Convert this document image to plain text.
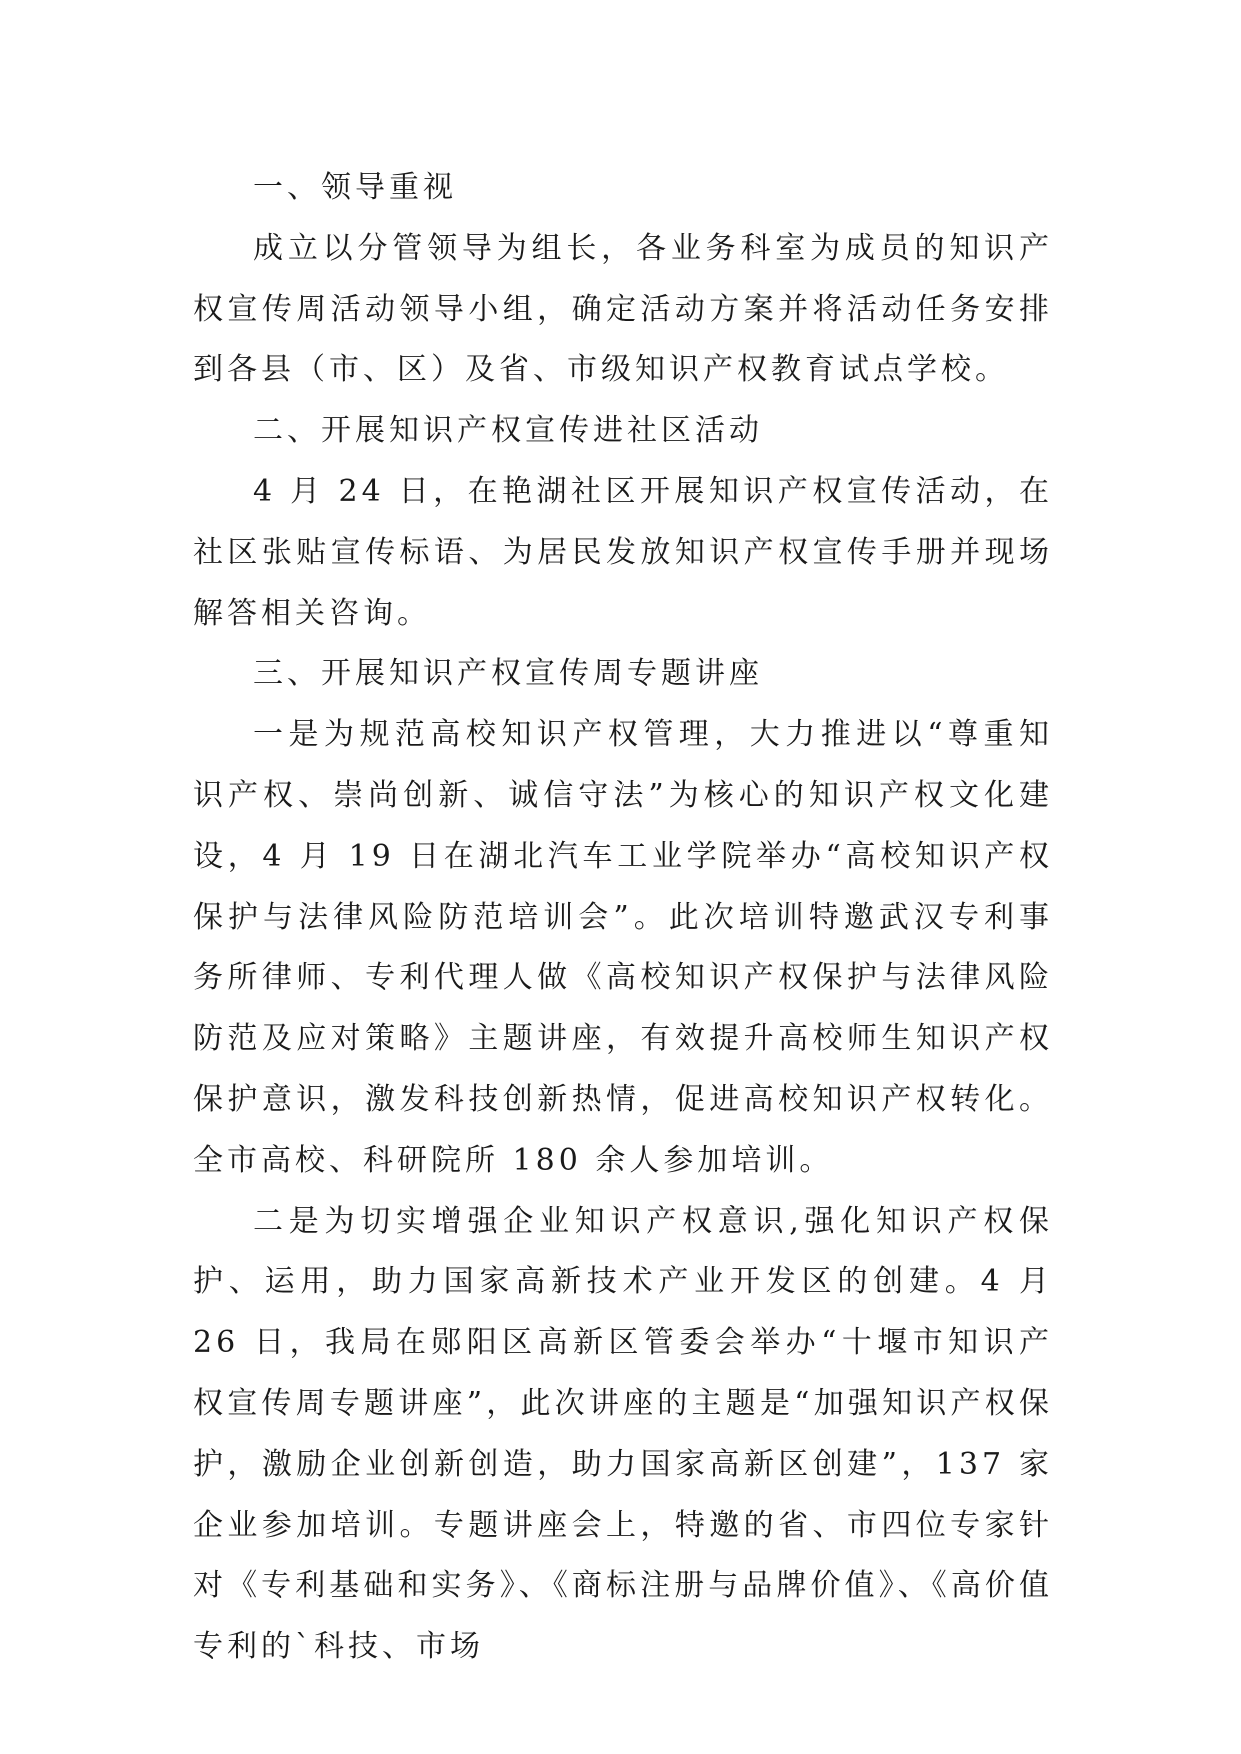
一、领导重视

成立以分管领导为组长，各业务科室为成员的知识产权宣传周活动领导小组，确定活动方案并将活动任务安排到各县（市、区）及省、市级知识产权教育试点学校。

二、开展知识产权宣传进社区活动

4 月 24 日，在艳湖社区开展知识产权宣传活动，在社区张贴宣传标语、为居民发放知识产权宣传手册并现场解答相关咨询。

三、开展知识产权宣传周专题讲座

一是为规范高校知识产权管理，大力推进以“尊重知识产权、崇尚创新、诚信守法”为核心的知识产权文化建设，4 月 19 日在湖北汽车工业学院举办“高校知识产权保护与法律风险防范培训会”。此次培训特邀武汉专利事务所律师、专利代理人做《高校知识产权保护与法律风险防范及应对策略》主题讲座，有效提升高校师生知识产权保护意识，激发科技创新热情，促进高校知识产权转化。全市高校、科研院所 180 余人参加培训。

二是为切实增强企业知识产权意识,强化知识产权保护、运用，助力国家高新技术产业开发区的创建。4 月 26 日，我局在郧阳区高新区管委会举办“十堰市知识产权宣传周专题讲座”，此次讲座的主题是“加强知识产权保护，激励企业创新创造，助力国家高新区创建”，137 家企业参加培训。专题讲座会上，特邀的省、市四位专家针对《专利基础和实务》、《商标注册与品牌价值》、《高价值专利的`科技、市场
